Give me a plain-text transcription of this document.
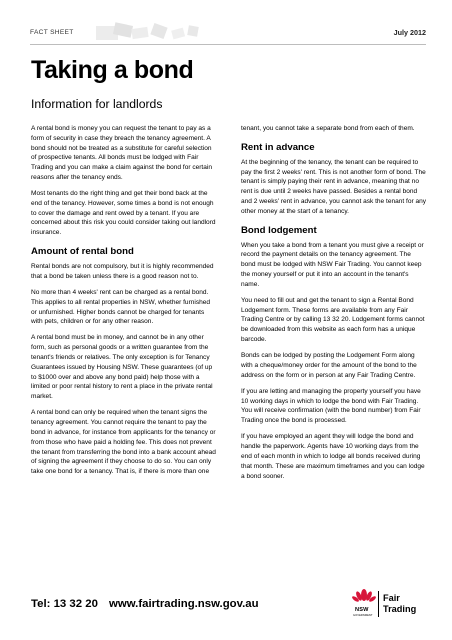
FACT SHEET	July 2012
Taking a bond
Information for landlords

A rental bond is money you can request the tenant to pay as a form of security in case they breach the tenancy agreement. A bond should not be treated as a substitute for careful selection of prospective tenants. All bonds must be lodged with Fair Trading and you can make a claim against the bond for certain reasons after the tenancy ends.

Most tenants do the right thing and get their bond back at the end of the tenancy. However, some times a bond is not enough to cover the damage and rent owed by a tenant. If you are concerned about this risk you could consider taking out landlord insurance.

Amount of rental bond

Rental bonds are not compulsory, but it is highly recommended that a bond be taken unless there is a good reason not to.

No more than 4 weeks' rent can be charged as a rental bond. This applies to all rental properties in NSW, whether furnished or unfurnished. Higher bonds cannot be charged for tenants with pets, children or for any other reason.

A rental bond must be in money, and cannot be in any other form, such as personal goods or a written guarantee from the tenant's friends or relatives. The only exception is for Tenancy Guarantees issued by Housing NSW. These guarantees (of up to $1000 over and above any bond paid) help those with a limited or poor rental history to rent a place in the private rental market.

A rental bond can only be required when the tenant signs the tenancy agreement. You cannot require the tenant to pay the bond in advance, for instance from applicants for the tenancy or from those who have paid a holding fee. This does not prevent the tenant from transferring the bond into a bank account ahead of signing the agreement if they choose to do so. You can only take one bond for a tenancy. That is, if there is more than one

tenant, you cannot take a separate bond from each of them.

Rent in advance

At the beginning of the tenancy, the tenant can be required to pay the first 2 weeks' rent. This is not another form of bond. The tenant is simply paying their rent in advance, meaning that no rent is due until 2 weeks have passed. Besides a rental bond and 2 weeks' rent in advance, you cannot ask the tenant for any other money at the start of a tenancy.

Bond lodgement

When you take a bond from a tenant you must give a receipt or record the payment details on the tenancy agreement. The bond must be lodged with NSW Fair Trading. You cannot keep the money yourself or put it into an account in the tenant's name.

You need to fill out and get the tenant to sign a Rental Bond Lodgement form. These forms are available from any Fair Trading Centre or by calling 13 32 20. Lodgement forms cannot be downloaded from this website as each form has a unique barcode.

Bonds can be lodged by posting the Lodgement Form along with a cheque/money order for the amount of the bond to the address on the form or in person at any Fair Trading Centre.

If you are letting and managing the property yourself you have 10 working days in which to lodge the bond with Fair Trading. You will receive confirmation (with the bond number) from Fair Trading once the bond is processed.

If you have employed an agent they will lodge the bond and handle the paperwork. Agents have 10 working days from the end of each month in which to lodge all bonds received during that month. These are maximum timeframes and you can lodge a bond sooner.

Tel: 13 32 20 www.fairtrading.nsw.gov.au	NSW
GOVERNMENT
Fair
Trading
